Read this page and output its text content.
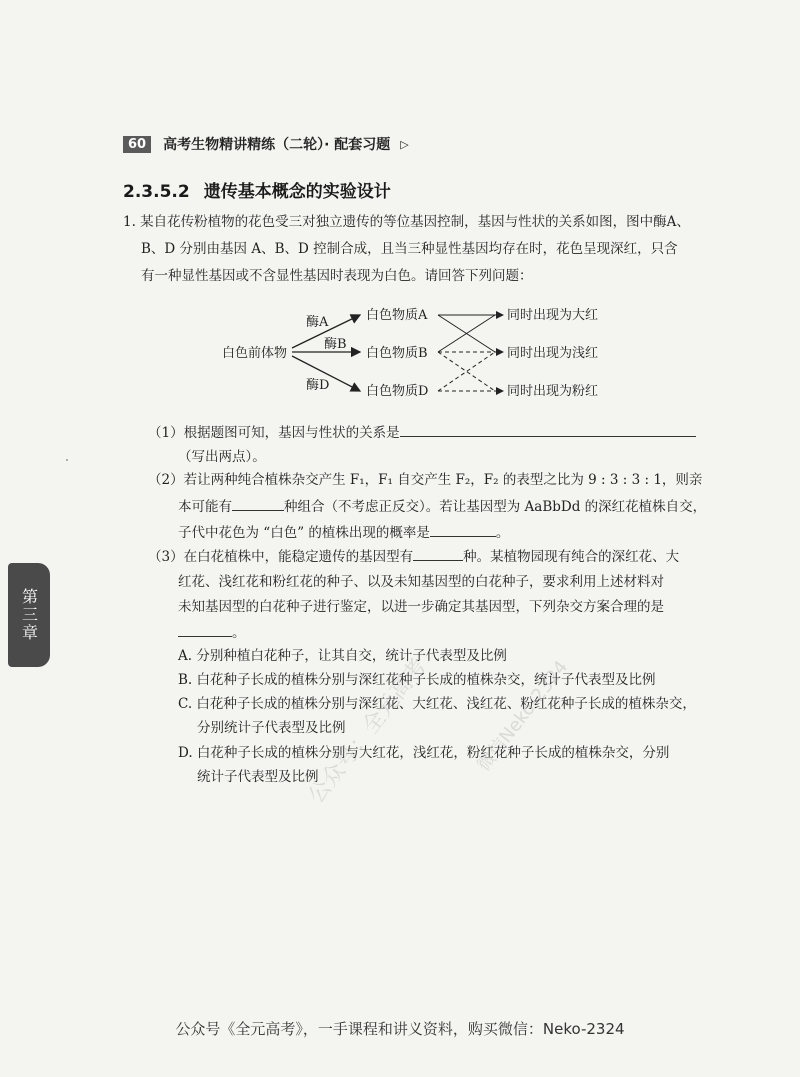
60	高考生物精讲精练（二轮）· 配套习题 ▷
2.3.5.2 遗传基本概念的实验设计
1. 某自花传粉植物的花色受三对独立遗传的等位基因控制，基因与性状的关系如图，图中酶A、
B、D 分别由基因 A、B、D 控制合成，且当三种显性基因均存在时，花色呈现深红，只含
有一种显性基因或不含显性基因时表现为白色。请回答下列问题：
白色前体物
酶A
酶B
酶D
白色物质A
白色物质B
白色物质D
同时出现为大红
同时出现为浅红
同时出现为粉红
（1）根据题图可知，基因与性状的关系是
（写出两点）。
（2）若让两种纯合植株杂交产生 F₁，F₁ 自交产生 F₂，F₂ 的表型之比为 9 : 3 : 3 : 1，则亲
本可能有	种组合（不考虑正反交）。若让基因型为 AaBbDd 的深红花植株自交，
子代中花色为 “白色” 的植株出现的概率是	。
（3）在白花植株中，能稳定遗传的基因型有	种。某植物园现有纯合的深红花、大
红花、浅红花和粉红花的种子、以及未知基因型的白花种子，要求利用上述材料对
未知基因型的白花种子进行鉴定，以进一步确定其基因型，下列杂交方案合理的是
。
A. 分别种植白花种子，让其自交，统计子代表型及比例
B. 白花种子长成的植株分别与深红花种子长成的植株杂交，统计子代表型及比例
C. 白花种子长成的植株分别与深红花、大红花、浅红花、粉红花种子长成的植株杂交，
分别统计子代表型及比例
D. 白花种子长成的植株分别与大红花，浅红花，粉红花种子长成的植株杂交，分别
统计子代表型及比例
第三章
公众号：全元高考 微信Neko-2324
公众号《全元高考》，一手课程和讲义资料，购买微信：Neko-2324
